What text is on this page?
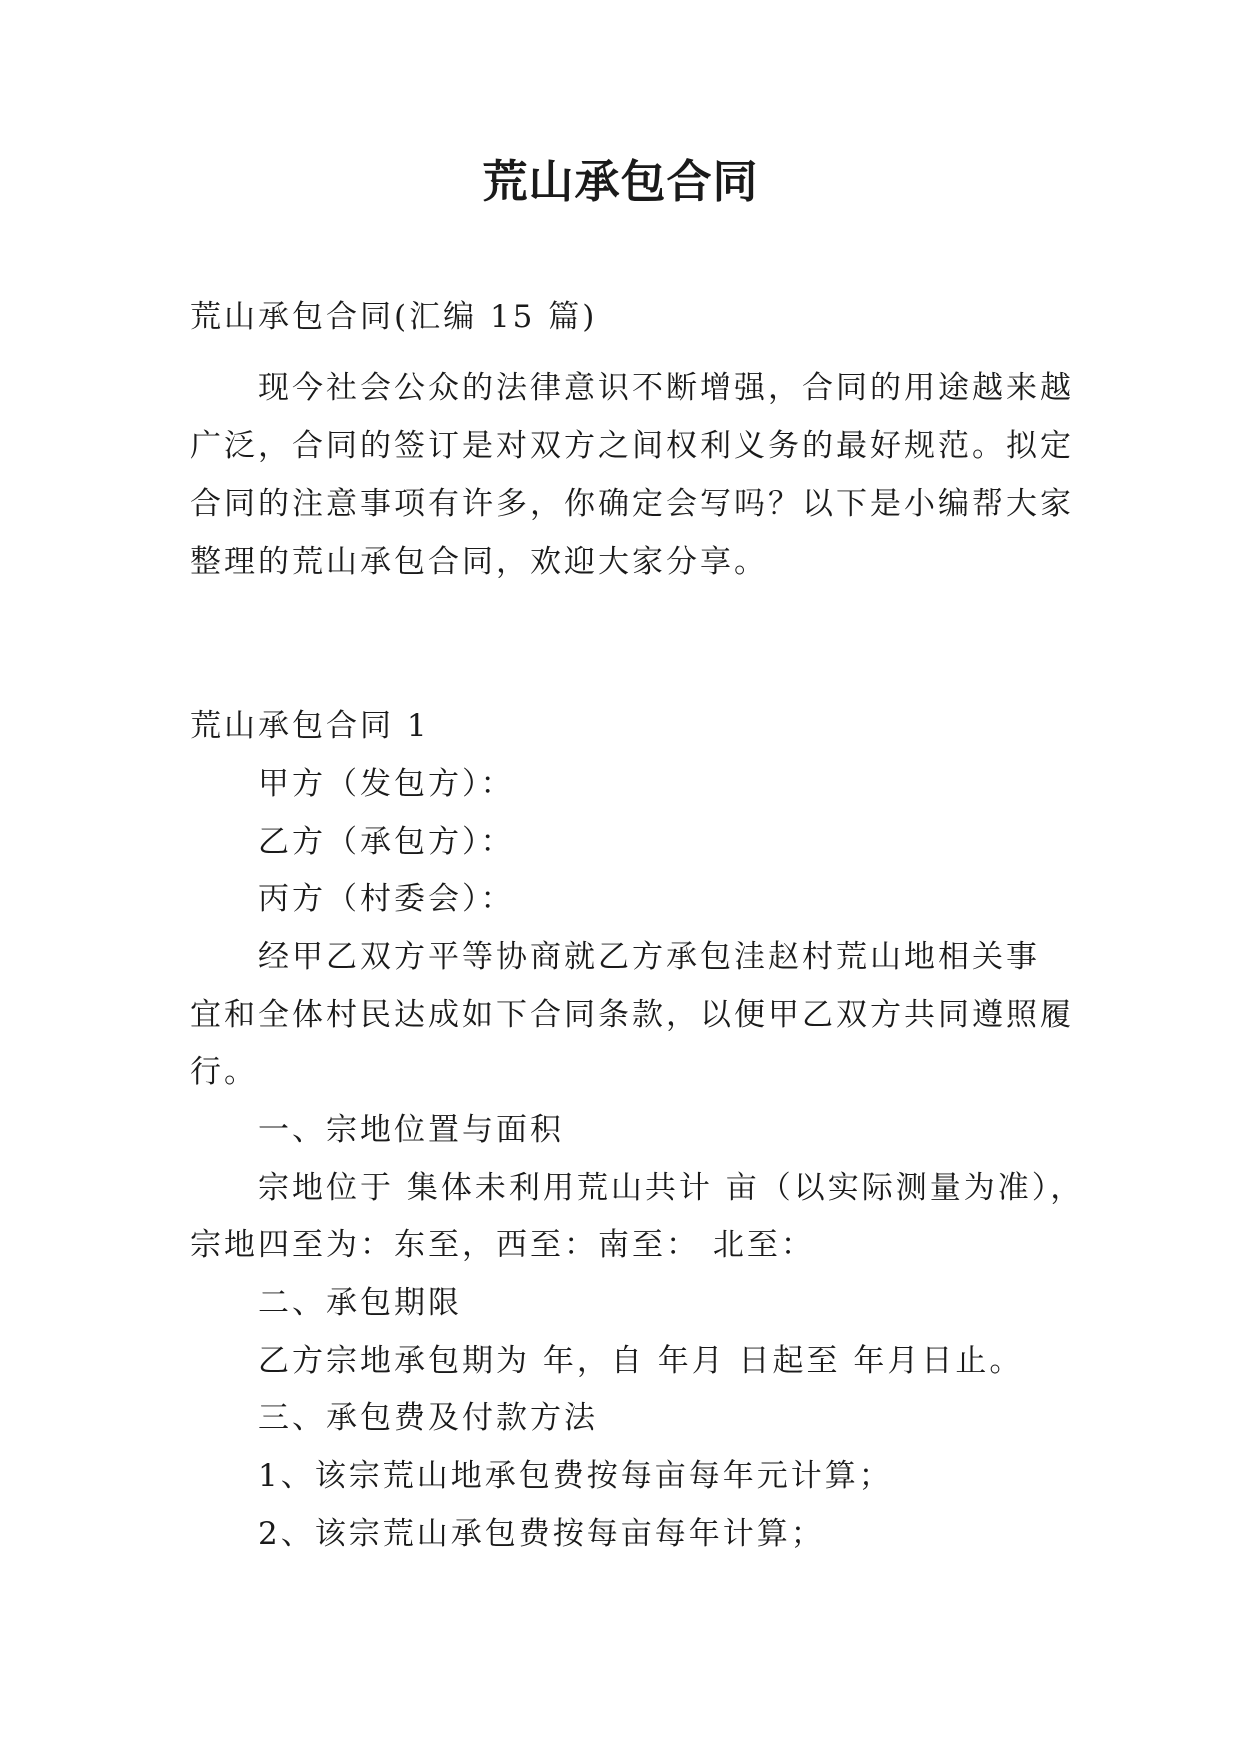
荒山承包合同
荒山承包合同(汇编 15 篇)
现今社会公众的法律意识不断增强，合同的用途越来越
广泛，合同的签订是对双方之间权利义务的最好规范。拟定
合同的注意事项有许多，你确定会写吗？以下是小编帮大家
整理的荒山承包合同，欢迎大家分享。
荒山承包合同 1
甲方（发包方）：
乙方（承包方）：
丙方（村委会）：
经甲乙双方平等协商就乙方承包洼赵村荒山地相关事
宜和全体村民达成如下合同条款，以便甲乙双方共同遵照履
行。
一、宗地位置与面积
宗地位于 集体未利用荒山共计 亩（以实际测量为准），
宗地四至为：东至，西至：南至： 北至：
二、承包期限
乙方宗地承包期为 年，自 年月 日起至 年月日止。
三、承包费及付款方法
1、该宗荒山地承包费按每亩每年元计算；
2、该宗荒山承包费按每亩每年计算；
